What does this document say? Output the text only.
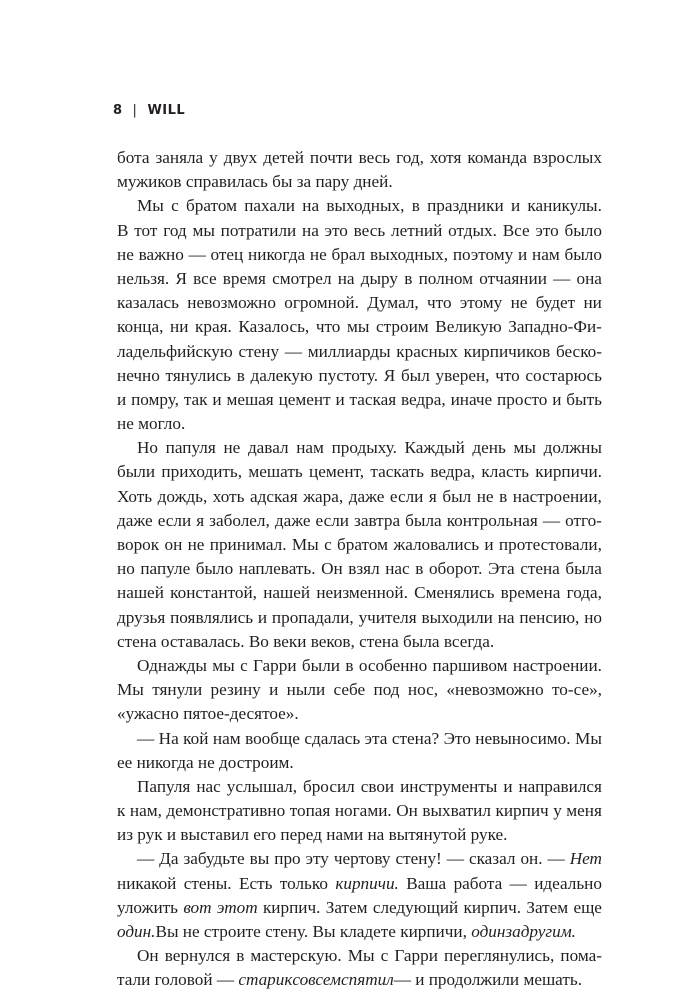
8 | WILL
бота заняла у двух детей почти весь год, хотя команда взрослых
мужиков справилась бы за пару дней.
Мы с братом пахали на выходных, в праздники и каникулы.
В тот год мы потратили на это весь летний отдых. Все это было
не важно — отец никогда не брал выходных, поэтому и нам было
нельзя. Я все время смотрел на дыру в полном отчаянии — она
казалась невозможно огромной. Думал, что этому не будет ни
конца, ни края. Казалось, что мы строим Великую Западно-Фи-
ладельфийскую стену — миллиарды красных кирпичиков беско-
нечно тянулись в далекую пустоту. Я был уверен, что состарюсь
и помру, так и мешая цемент и таская ведра, иначе просто и быть
не могло.
Но папуля не давал нам продыху. Каждый день мы должны
были приходить, мешать цемент, таскать ведра, класть кирпичи.
Хоть дождь, хоть адская жара, даже если я был не в настроении,
даже если я заболел, даже если завтра была контрольная — отго-
ворок он не принимал. Мы с братом жаловались и протестовали,
но папуле было наплевать. Он взял нас в оборот. Эта стена была
нашей константой, нашей неизменной. Сменялись времена года,
друзья появлялись и пропадали, учителя выходили на пенсию, но
стена оставалась. Во веки веков, стена была всегда.
Однажды мы с Гарри были в особенно паршивом настроении.
Мы тянули резину и ныли себе под нос, «невозможно то-се»,
«ужасно пятое-десятое».
— На кой нам вообще сдалась эта стена? Это невыносимо. Мы
ее никогда не достроим.
Папуля нас услышал, бросил свои инструменты и направился
к нам, демонстративно топая ногами. Он выхватил кирпич у меня
из рук и выставил его перед нами на вытянутой руке.
— Да забудьте вы про эту чертову стену! — сказал он. — Нет
никакой стены. Есть только кирпичи. Ваша работа — идеально
уложить вот этот кирпич. Затем следующий кирпич. Затем еще
один. Вы не строите стену. Вы кладете кирпичи, один за другим.
Он вернулся в мастерскую. Мы с Гарри переглянулись, пома-
тали головой — старик совсем спятил — и продолжили мешать.
